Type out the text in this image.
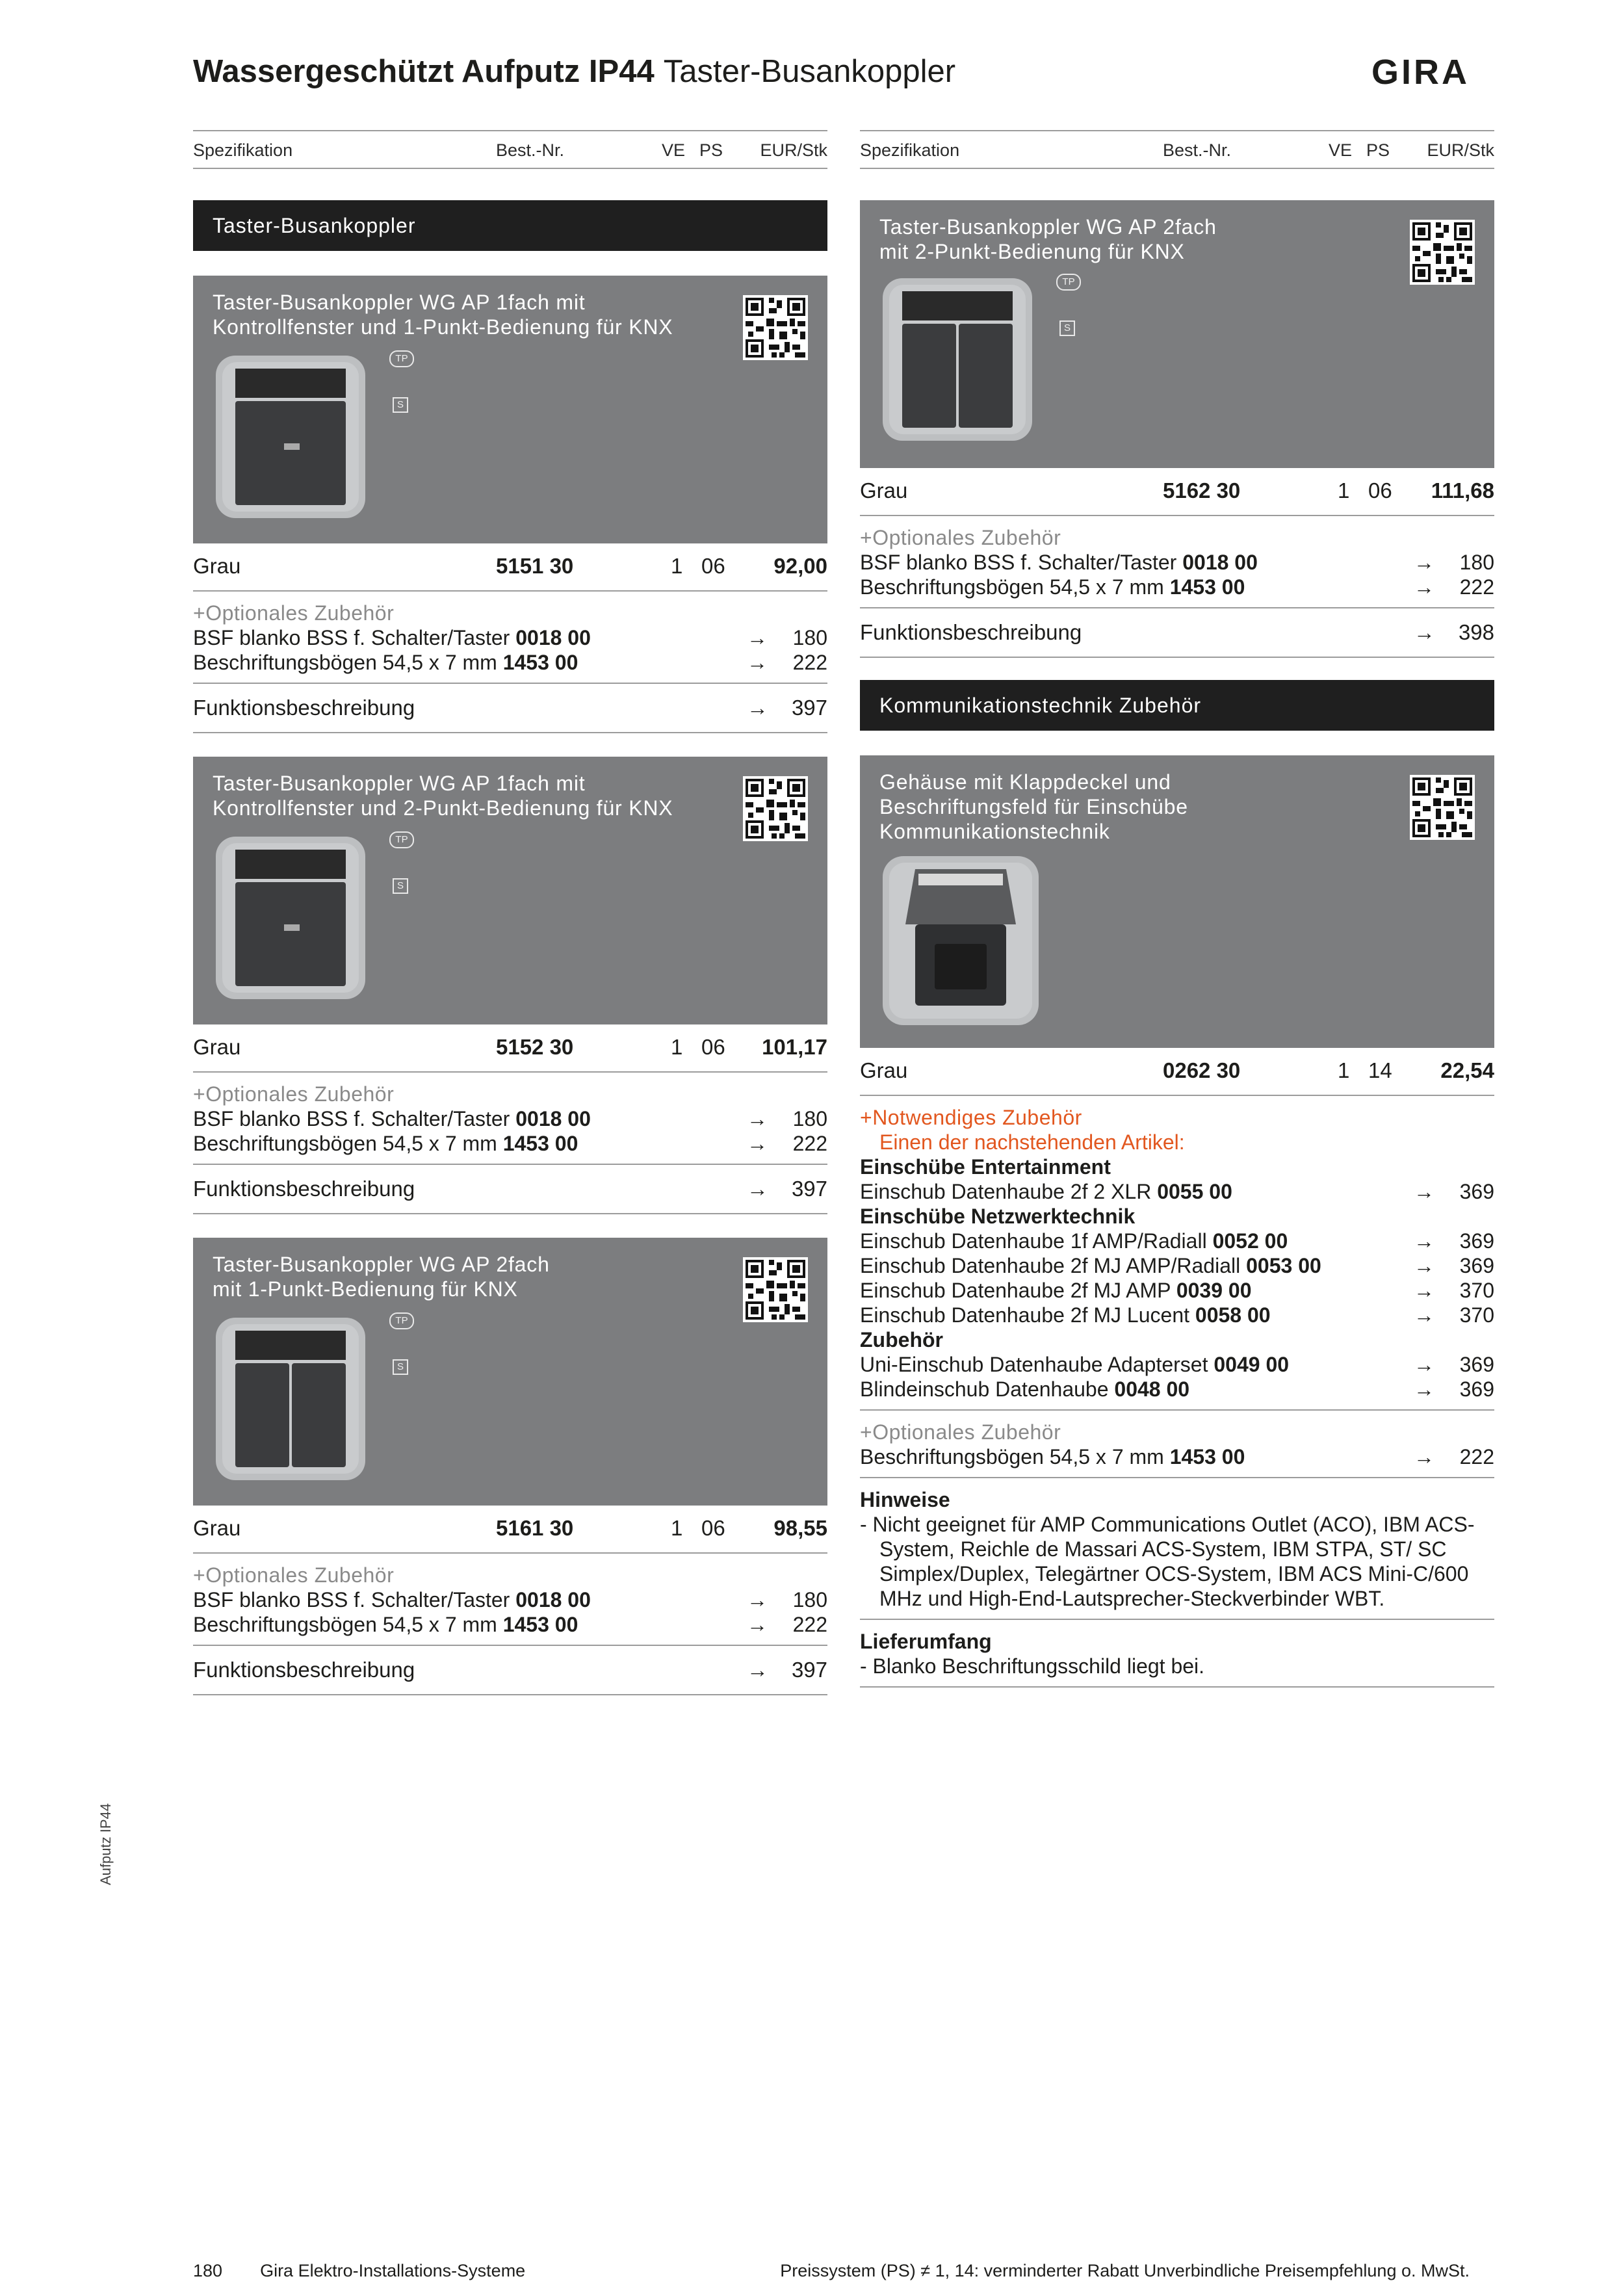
Wassergeschützt Aufputz IP44 Taster-Busankoppler	GIRA
Spezifikation	Best.-Nr.	VE PS EUR/Stk
Taster-Busankoppler
Taster-Busankoppler WG AP 1fach mit
Kontrollfenster und 1-Punkt-Bedienung für KNX
TP
S
Grau	5151 30	1 06 92,00
+Optionales Zubehör
BSF blanko BSS f. Schalter/Taster 0018 00	→ 180
Beschriftungsbögen 54,5 x 7 mm 1453 00	→ 222
Funktionsbeschreibung	→ 397
Taster-Busankoppler WG AP 1fach mit
Kontrollfenster und 2-Punkt-Bedienung für KNX
TP
S
Grau	5152 30	1 06 101,17
+Optionales Zubehör
BSF blanko BSS f. Schalter/Taster 0018 00	→ 180
Beschriftungsbögen 54,5 x 7 mm 1453 00	→ 222
Funktionsbeschreibung	→ 397
Taster-Busankoppler WG AP 2fach
mit 1-Punkt-Bedienung für KNX
TP
S
Grau	5161 30	1 06 98,55
+Optionales Zubehör
BSF blanko BSS f. Schalter/Taster 0018 00	→ 180
Beschriftungsbögen 54,5 x 7 mm 1453 00	→ 222
Funktionsbeschreibung	→ 397
Spezifikation	Best.-Nr.	VE PS EUR/Stk
Taster-Busankoppler WG AP 2fach
mit 2-Punkt-Bedienung für KNX
TP
S
Grau	5162 30	1 06 111,68
+Optionales Zubehör
BSF blanko BSS f. Schalter/Taster 0018 00	→ 180
Beschriftungsbögen 54,5 x 7 mm 1453 00	→ 222
Funktionsbeschreibung	→ 398
Kommunikationstechnik Zubehör
Gehäuse mit Klappdeckel und
Beschriftungsfeld für Einschübe
Kommunikationstechnik
Grau	0262 30	1 14 22,54
+Notwendiges Zubehör
Einen der nachstehenden Artikel:
Einschübe Entertainment
Einschub Datenhaube 2f 2 XLR 0055 00	→ 369
Einschübe Netzwerktechnik
Einschub Datenhaube 1f AMP/Radiall 0052 00	→ 369
Einschub Datenhaube 2f MJ AMP/Radiall 0053 00	→ 369
Einschub Datenhaube 2f MJ AMP 0039 00	→ 370
Einschub Datenhaube 2f MJ Lucent 0058 00	→ 370
Zubehör
Uni-Einschub Datenhaube Adapterset 0049 00	→ 369
Blindeinschub Datenhaube 0048 00	→ 369
+Optionales Zubehör
Beschriftungsbögen 54,5 x 7 mm 1453 00	→ 222
Hinweise
- Nicht geeignet für AMP Communications Outlet (ACO), IBM ACS-System, Reichle de Massari ACS-System, IBM STPA, ST/ SC Simplex/Duplex, Telegärtner OCS-System, IBM ACS Mini-C/600 MHz und High-End-Lautsprecher-Steckverbinder WBT.
Lieferumfang
- Blanko Beschriftungsschild liegt bei.
Aufputz IP44
180 Gira Elektro-Installations-Systeme	Preissystem (PS) ≠ 1, 14: verminderter Rabatt Unverbindliche Preisempfehlung o. MwSt.
